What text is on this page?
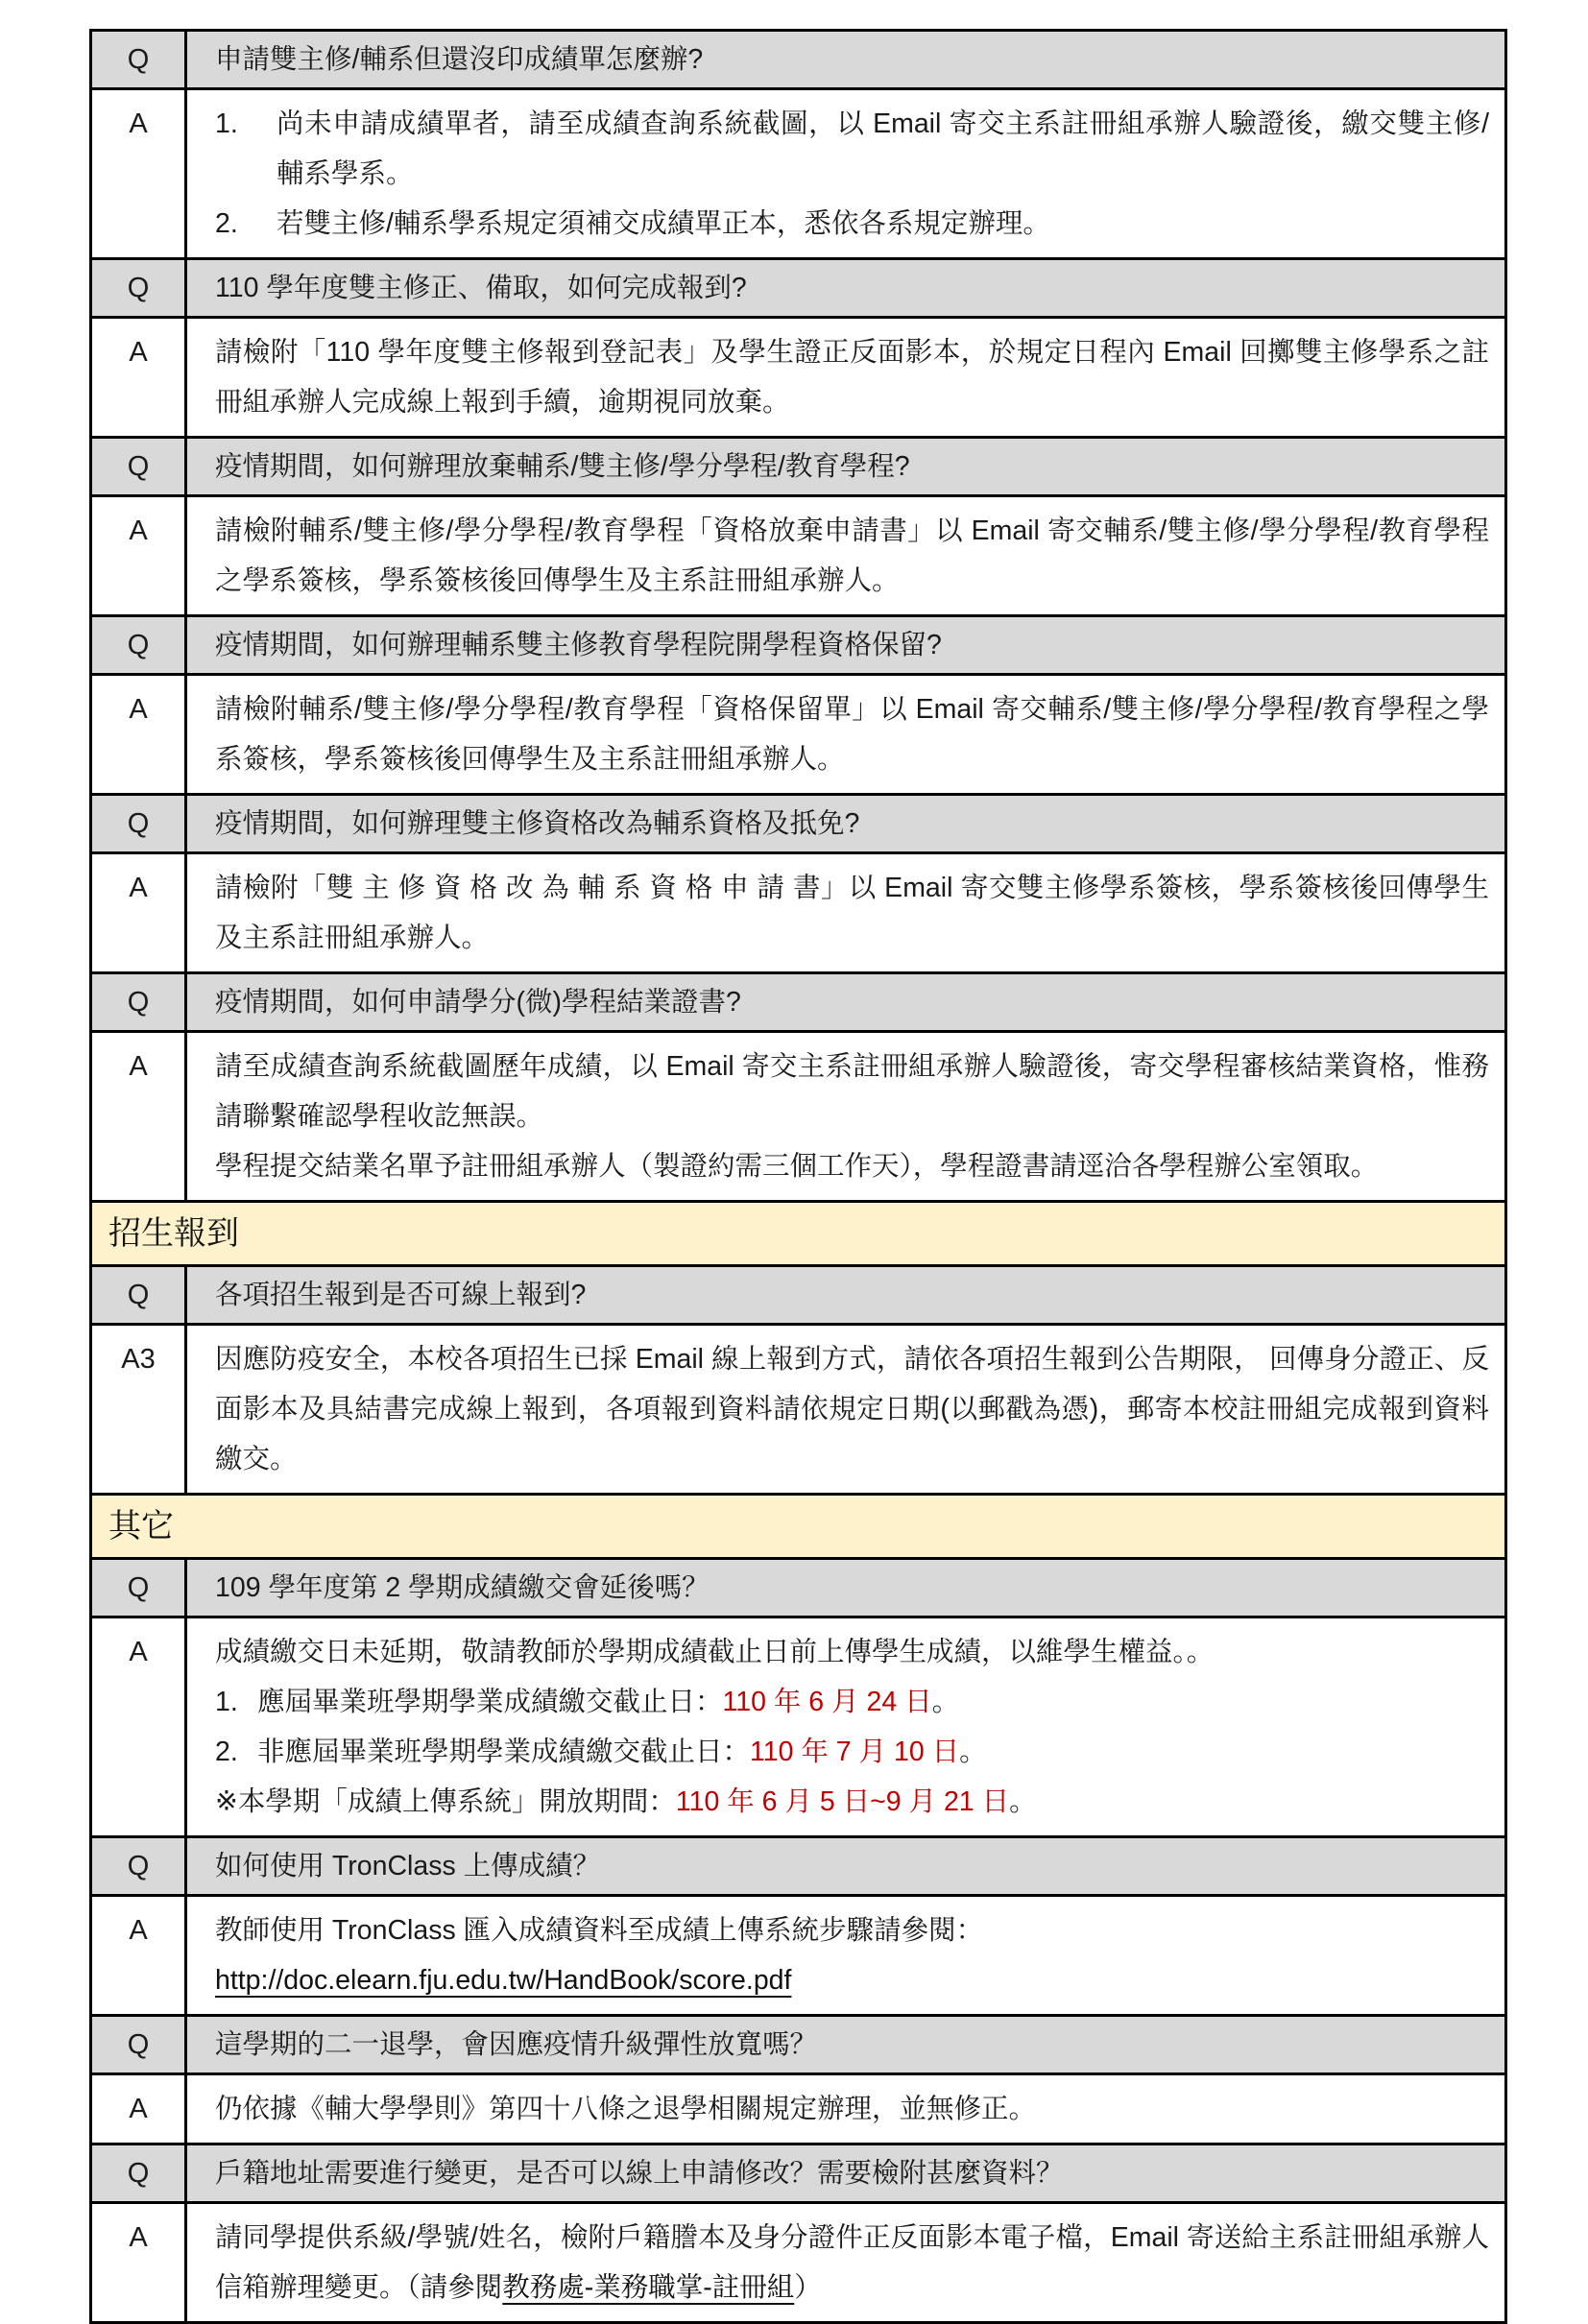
Q	申請雙主修/輔系但還沒印成績單怎麼辦?
A	1. 尚未申請成績單者，請至成績查詢系統截圖，以 Email 寄交主系註冊組承辦人驗證後，繳交雙主修/輔系學系。
2. 若雙主修/輔系學系規定須補交成績單正本，悉依各系規定辦理。
Q	110 學年度雙主修正、備取，如何完成報到?
A	請檢附「110 學年度雙主修報到登記表」及學生證正反面影本，於規定日程內 Email 回擲雙主修學系之註冊組承辦人完成線上報到手續，逾期視同放棄。
Q	疫情期間，如何辦理放棄輔系/雙主修/學分學程/教育學程?
A	請檢附輔系/雙主修/學分學程/教育學程「資格放棄申請書」以 Email 寄交輔系/雙主修/學分學程/教育學程之學系簽核，學系簽核後回傳學生及主系註冊組承辦人。
Q	疫情期間，如何辦理輔系雙主修教育學程院開學程資格保留?
A	請檢附輔系/雙主修/學分學程/教育學程「資格保留單」以 Email 寄交輔系/雙主修/學分學程/教育學程之學系簽核，學系簽核後回傳學生及主系註冊組承辦人。
Q	疫情期間，如何辦理雙主修資格改為輔系資格及抵免?
A	請檢附「雙 主 修 資 格 改 為 輔 系 資 格 申 請 書」以 Email 寄交雙主修學系簽核，學系簽核後回傳學生及主系註冊組承辦人。
Q	疫情期間，如何申請學分(微)學程結業證書?
A	請至成績查詢系統截圖歷年成績，以 Email 寄交主系註冊組承辦人驗證後，寄交學程審核結業資格，惟務請聯繫確認學程收訖無誤。
學程提交結業名單予註冊組承辦人（製證約需三個工作天），學程證書請逕洽各學程辦公室領取。
招生報到
Q	各項招生報到是否可線上報到?
A3	因應防疫安全，本校各項招生已採 Email 線上報到方式，請依各項招生報到公告期限， 回傳身分證正、反面影本及具結書完成線上報到，各項報到資料請依規定日期(以郵戳為憑)，郵寄本校註冊組完成報到資料繳交。
其它
Q	109 學年度第 2 學期成績繳交會延後嗎？
A	成績繳交日未延期，敬請教師於學期成績截止日前上傳學生成績，以維學生權益。。
1. 應屆畢業班學期學業成績繳交截止日：110 年 6 月 24 日。
2. 非應屆畢業班學期學業成績繳交截止日：110 年 7 月 10 日。
※本學期「成績上傳系統」開放期間：110 年 6 月 5 日~9 月 21 日。
Q	如何使用 TronClass 上傳成績？
A	教師使用 TronClass 匯入成績資料至成績上傳系統步驟請參閱：
http://doc.elearn.fju.edu.tw/HandBook/score.pdf
Q	這學期的二一退學，會因應疫情升級彈性放寬嗎？
A	仍依據《輔大學學則》第四十八條之退學相關規定辦理，並無修正。
Q	戶籍地址需要進行變更，是否可以線上申請修改？需要檢附甚麼資料？
A	請同學提供系級/學號/姓名，檢附戶籍謄本及身分證件正反面影本電子檔，Email 寄送給主系註冊組承辦人信箱辦理變更。（請參閱教務處-業務職掌-註冊組）
